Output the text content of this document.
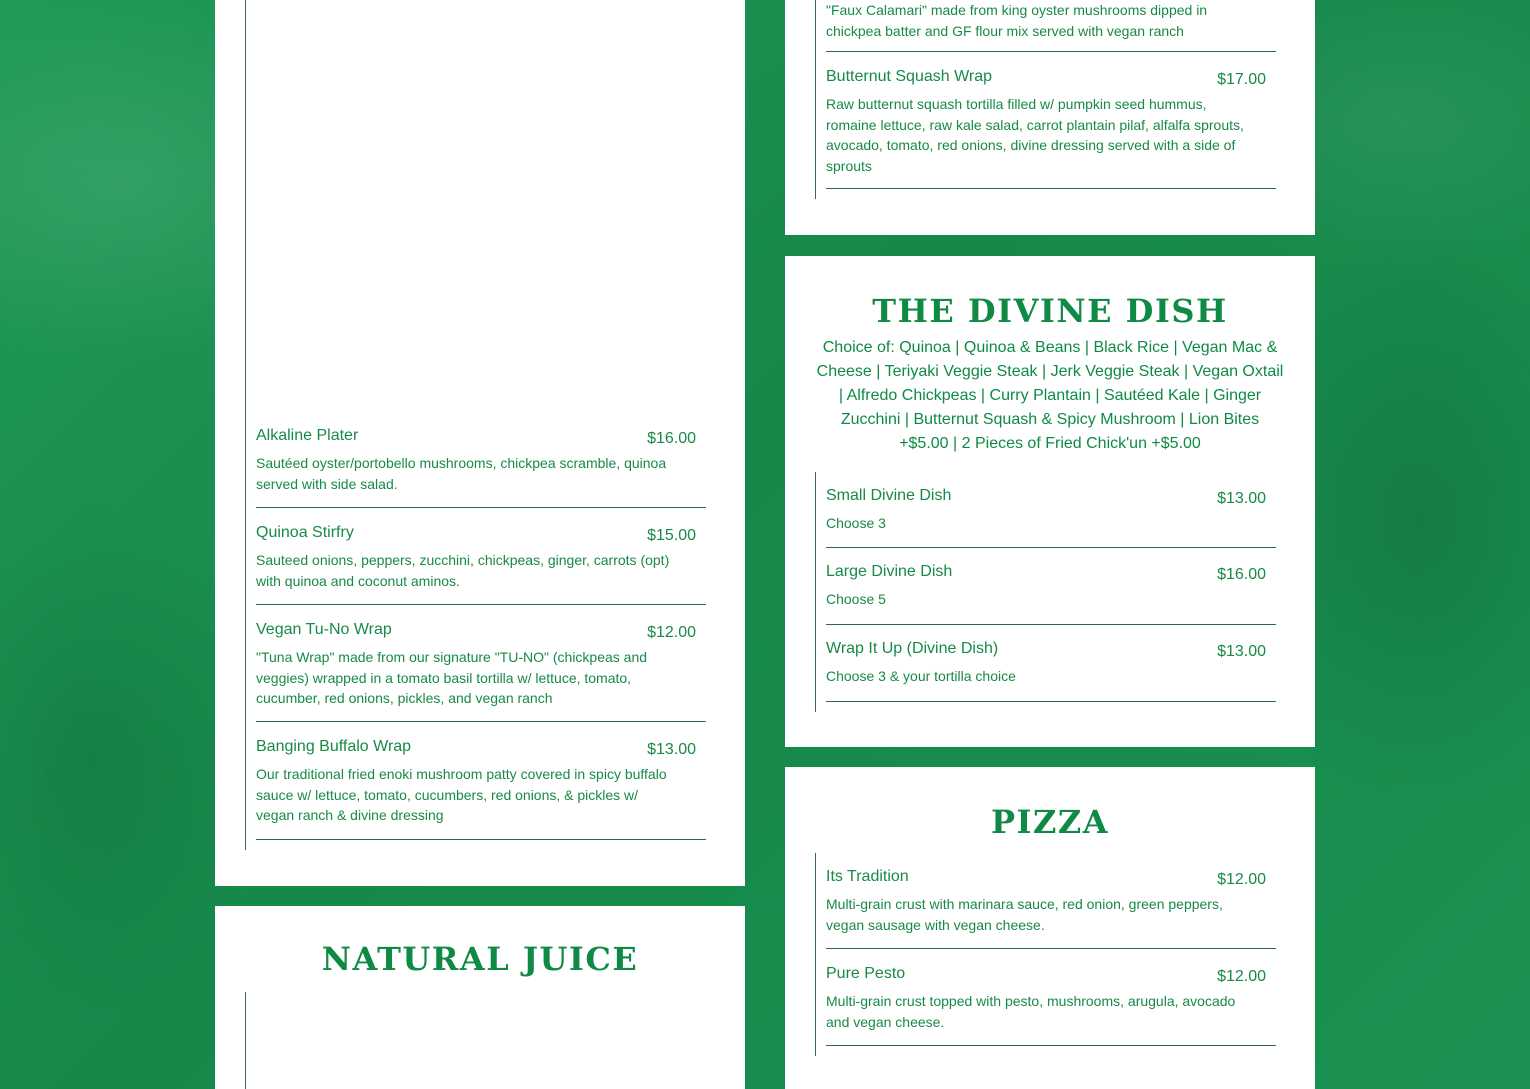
Alkaline Plater	$16.00
Sautéed oyster/portobello mushrooms, chickpea scramble, quinoa served with side salad.
Quinoa Stirfry	$15.00
Sauteed onions, peppers, zucchini, chickpeas, ginger, carrots (opt) with quinoa and coconut aminos.
Vegan Tu-No Wrap	$12.00
"Tuna Wrap" made from our signature "TU-NO" (chickpeas and veggies) wrapped in a tomato basil tortilla w/ lettuce, tomato, cucumber, red onions, pickles, and vegan ranch
Banging Buffalo Wrap	$13.00
Our traditional fried enoki mushroom patty covered in spicy buffalo sauce w/ lettuce, tomato, cucumbers, red onions, & pickles w/ vegan ranch & divine dressing
NATURAL JUICE
"Faux Calamari" made from king oyster mushrooms dipped in chickpea batter and GF flour mix served with vegan ranch
Butternut Squash Wrap	$17.00
Raw butternut squash tortilla filled w/ pumpkin seed hummus, romaine lettuce, raw kale salad, carrot plantain pilaf, alfalfa sprouts, avocado, tomato, red onions, divine dressing served with a side of sprouts
THE DIVINE DISH
Choice of: Quinoa | Quinoa & Beans | Black Rice | Vegan Mac & Cheese | Teriyaki Veggie Steak | Jerk Veggie Steak | Vegan Oxtail | Alfredo Chickpeas | Curry Plantain | Sautéed Kale | Ginger Zucchini | Butternut Squash & Spicy Mushroom | Lion Bites +$5.00 | 2 Pieces of Fried Chick'un +$5.00
Small Divine Dish	$13.00
Choose 3
Large Divine Dish	$16.00
Choose 5
Wrap It Up (Divine Dish)	$13.00
Choose 3 & your tortilla choice
PIZZA
Its Tradition	$12.00
Multi-grain crust with marinara sauce, red onion, green peppers, vegan sausage with vegan cheese.
Pure Pesto	$12.00
Multi-grain crust topped with pesto, mushrooms, arugula, avocado and vegan cheese.
